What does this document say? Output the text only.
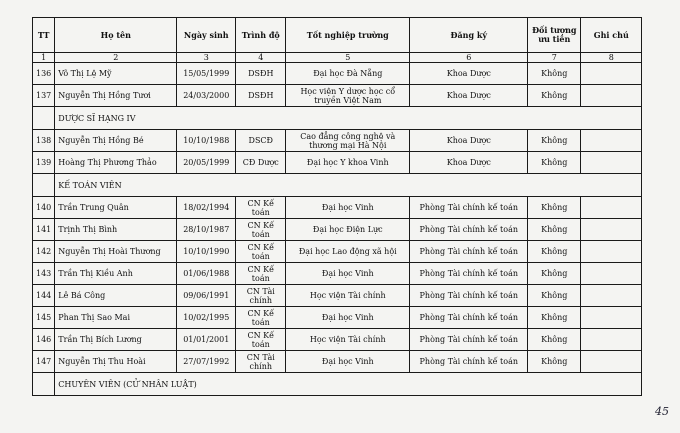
TT	Họ tên	Ngày sinh	Trình độ	Tốt nghiệp trường	Đăng ký	Đối tượng ưu tiên	Ghi chú
1	2	3	4	5	6	7	8
136	Võ Thị Lệ Mỹ	15/05/1999	DSĐH	Đại học Đà Nẵng	Khoa Dược	Không	
137	Nguyễn Thị Hồng Tươi	24/03/2000	DSĐH	Học viện Y dược học cổ truyền Việt Nam	Khoa Dược	Không	
	DƯỢC SĨ HẠNG IV						
138	Nguyễn Thị Hồng Bé	10/10/1988	DSCĐ	Cao đẳng công nghệ và thương mại Hà Nội	Khoa Dược	Không	
139	Hoàng Thị Phương Thảo	20/05/1999	CĐ Dược	Đại học Y khoa Vinh	Khoa Dược	Không	
	KẾ TOÁN VIÊN						
140	Trần Trung Quân	18/02/1994	CN Kế toán	Đại học Vinh	Phòng Tài chính kế toán	Không	
141	Trịnh Thị Bình	28/10/1987	CN Kế toán	Đại học Điện Lực	Phòng Tài chính kế toán	Không	
142	Nguyễn Thị Hoài Thương	10/10/1990	CN Kế toán	Đại học Lao động xã hội	Phòng Tài chính kế toán	Không	
143	Trần Thị Kiều Anh	01/06/1988	CN Kế toán	Đại học Vinh	Phòng Tài chính kế toán	Không	
144	Lê Bá Công	09/06/1991	CN Tài chính	Học viện Tài chính	Phòng Tài chính kế toán	Không	
145	Phan Thị Sao Mai	10/02/1995	CN Kế toán	Đại học Vinh	Phòng Tài chính kế toán	Không	
146	Trần Thị Bích Lương	01/01/2001	CN Kế toán	Học viện Tài chính	Phòng Tài chính kế toán	Không	
147	Nguyễn Thị Thu Hoài	27/07/1992	CN Tài chính	Đại học Vinh	Phòng Tài chính kế toán	Không	
	CHUYÊN VIÊN (CỬ NHÂN LUẬT)						
45
